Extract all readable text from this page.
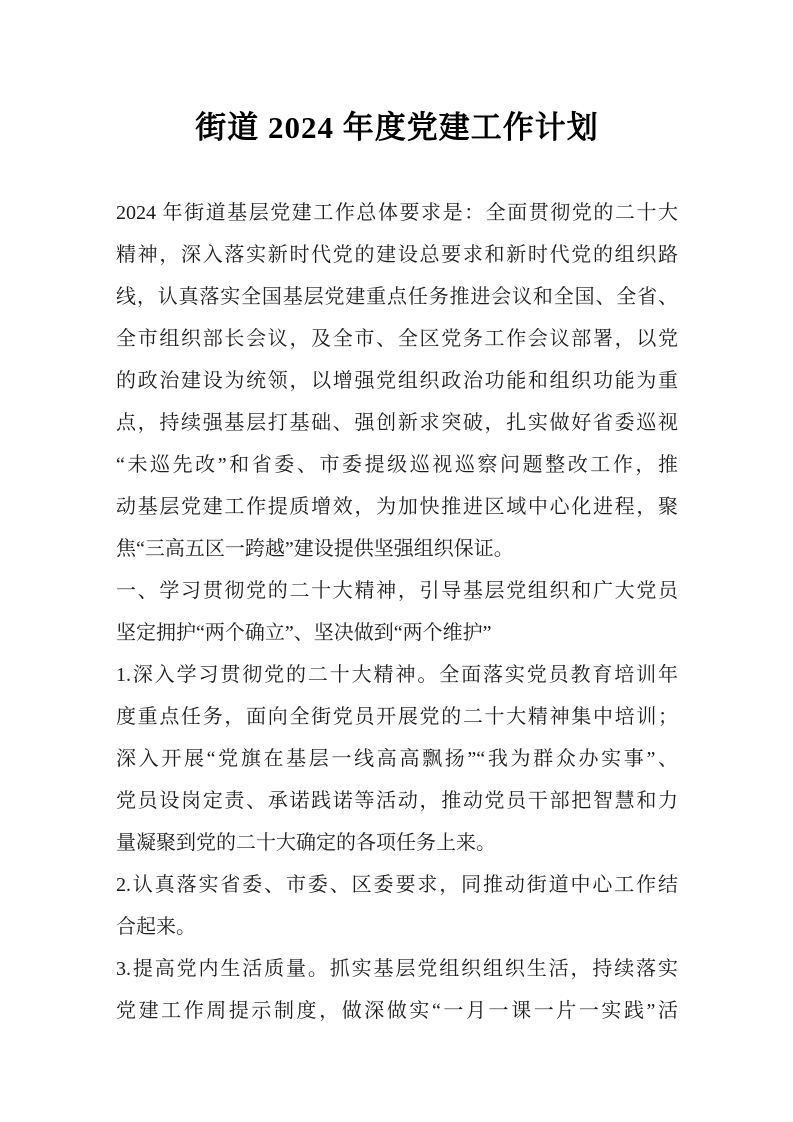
街道 2024 年度党建工作计划
2024 年街道基层党建工作总体要求是：全面贯彻党的二十大
精神，深入落实新时代党的建设总要求和新时代党的组织路
线，认真落实全国基层党建重点任务推进会议和全国、全省、
全市组织部长会议，及全市、全区党务工作会议部署，以党
的政治建设为统领，以增强党组织政治功能和组织功能为重
点，持续强基层打基础、强创新求突破，扎实做好省委巡视
“未巡先改”和省委、市委提级巡视巡察问题整改工作，推
动基层党建工作提质增效，为加快推进区域中心化进程，聚
焦“三高五区一跨越”建设提供坚强组织保证。
一、学习贯彻党的二十大精神，引导基层党组织和广大党员
坚定拥护“两个确立”、坚决做到“两个维护”
1.深入学习贯彻党的二十大精神。全面落实党员教育培训年
度重点任务，面向全街党员开展党的二十大精神集中培训；
深入开展“党旗在基层一线高高飘扬”“我为群众办实事”、
党员设岗定责、承诺践诺等活动，推动党员干部把智慧和力
量凝聚到党的二十大确定的各项任务上来。
2.认真落实省委、市委、区委要求，同推动街道中心工作结
合起来。
3.提高党内生活质量。抓实基层党组织组织生活，持续落实
党建工作周提示制度，做深做实“一月一课一片一实践”活
